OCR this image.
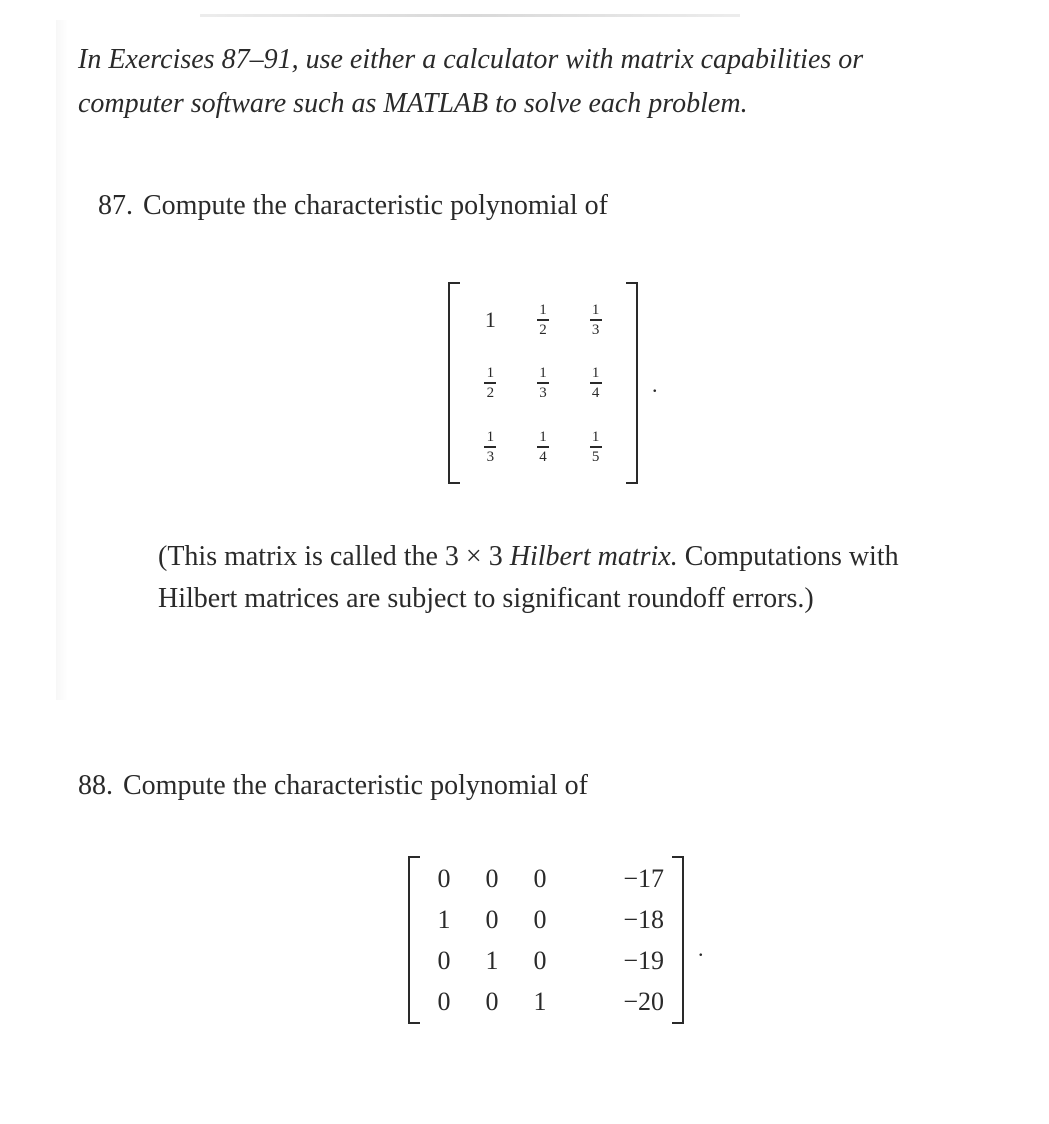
In Exercises 87–91, use either a calculator with matrix capabilities or computer software such as MATLAB to solve each problem.

87. Compute the characteristic polynomial of

1	$\frac{1}{2}$	$\frac{1}{3}$
$\frac{1}{2}$	$\frac{1}{3}$	$\frac{1}{4}$
$\frac{1}{3}$	$\frac{1}{4}$	$\frac{1}{5}$
.

(This matrix is called the 3 × 3 Hilbert matrix. Computations with Hilbert matrices are subject to significant roundoff errors.)

88. Compute the characteristic polynomial of

0	0	0	−17
1	0	0	−18
0	1	0	−19
0	0	1	−20
.
